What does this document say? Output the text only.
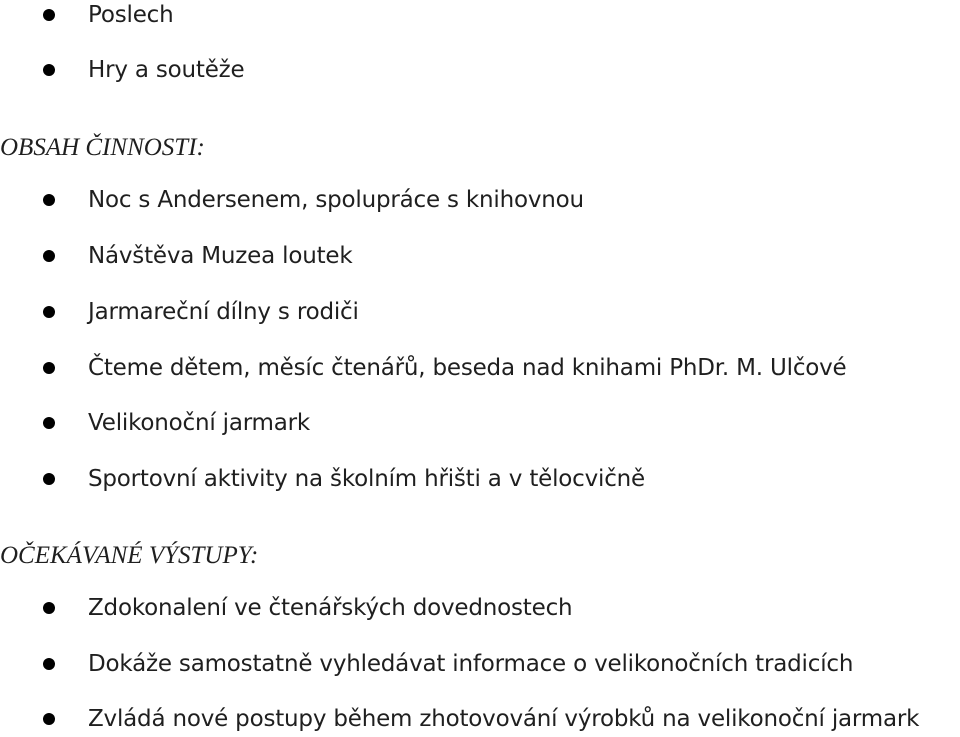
Poslech
Hry a soutěže
OBSAH ČINNOSTI:
Noc s Andersenem, spolupráce s knihovnou
Návštěva Muzea loutek
Jarmareční dílny s rodiči
Čteme dětem, měsíc čtenářů, beseda nad knihami PhDr. M. Ulčové
Velikonoční jarmark
Sportovní aktivity na školním hřišti a v tělocvičně
OČEKÁVANÉ VÝSTUPY:
Zdokonalení ve čtenářských dovednostech
Dokáže samostatně vyhledávat informace o velikonočních tradicích
Zvládá nové postupy během zhotovování výrobků na velikonoční jarmark
